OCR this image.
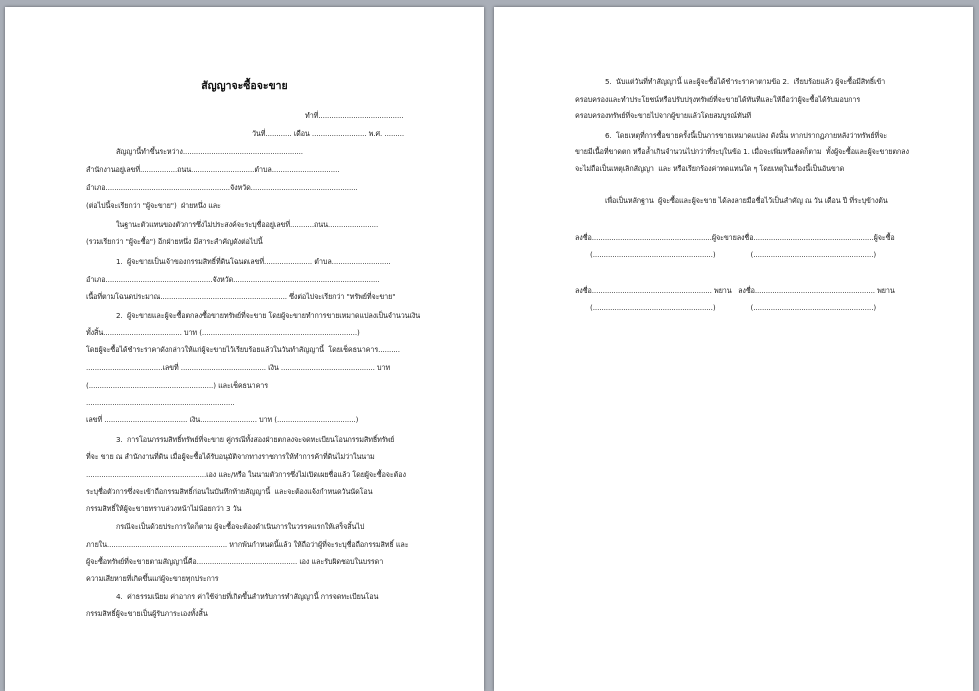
สัญญาจะซื้อจะขาย
ทำที่.......................................
วันที่............ เดือน ......................... พ.ศ. .........
สัญญานี้ทำขึ้นระหว่าง.......................................................
สำนักงานอยู่เลขที่.................ถนน.............................ตำบล...............................
อำเภอ.........................................................จังหวัด.................................................
(ต่อไปนี้จะเรียกว่า "ผู้จะขาย")  ฝ่ายหนึ่ง และ
ในฐานะตัวแทนของตัวการซึ่งไม่ประสงค์จะระบุชื่ออยู่เลขที่...........ถนน.......................
(รวมเรียกว่า "ผู้จะซื้อ") อีกฝ่ายหนึ่ง มีสาระสำคัญดังต่อไปนี้
1.  ผู้จะขายเป็นเจ้าของกรรมสิทธิ์ที่ดินโฉนดเลขที่...................... ตำบล...........................
อำเภอ.................................................จังหวัด...................................................................
เนื้อที่ตามโฉนดประมาณ.......................................................... ซึ่งต่อไปจะเรียกว่า "ทรัพย์ที่จะขาย"
2.  ผู้จะขายและผู้จะซื้อตกลงซื้อขายทรัพย์ที่จะขาย โดยผู้จะขายทำการขายเหมาดแปลงเป็นจำนวนเงิน
ทั้งสิ้น.................................... บาท (.......................................................................)
โดยผู้จะซื้อได้ชำระราคาดังกล่าวให้แก่ผู้จะขายไว้เรียบร้อยแล้วในวันทำสัญญานี้  โดยเช็คธนาคาร..........
...................................เลขที่ ....................................... เงิน ........................................... บาท
(.........................................................) และเช็คธนาคาร
....................................................................
เลขที่ ...................................... เงิน.......................... บาท (....................................)
3.  การโอนกรรมสิทธิ์ทรัพย์ที่จะขาย คู่กรณีทั้งสองฝ่ายตกลงจะจดทะเบียนโอนกรรมสิทธิ์ทรัพย์
ที่จะ ขาย ณ สำนักงานที่ดิน เมื่อผู้จะซื้อได้รับอนุมัติจากทางราชการให้ทำการค้าที่ดินไม่ว่าในนาม
.......................................................เอง และ/หรือ ในนามตัวการซึ่งไม่เปิดเผยชื่อแล้ว โดยผู้จะซื้อจะต้อง
ระบุชื่อตัวการซึ่งจะเข้าถือกรรมสิทธิ์ก่อนในบันทึกท้ายสัญญานี้  และจะต้องแจ้งกำหนดวันนัดโอน
กรรมสิทธิ์ให้ผู้จะขายทราบล่วงหน้าไม่น้อยกว่า 3 วัน
กรณีจะเป็นด้วยประการใดก็ตาม ผู้จะซื้อจะต้องดำเนินการในวรรคแรกให้เสร็จสิ้นไป
ภายใน....................................................... หากพ้นกำหนดนี้แล้ว ให้ถือว่าผู้ที่จะระบุชื่อถือกรรมสิทธิ์ และ
ผู้จะซื้อทรัพย์ที่จะขายตามสัญญานี้คือ.............................................. เอง และรับผิดชอบในบรรดา
ความเสียหายที่เกิดขึ้นแก่ผู้จะขายทุกประการ
4.  ค่าธรรมเนียม ค่าอากร ค่าใช้จ่ายที่เกิดขึ้นสำหรับการทำสัญญานี้ การจดทะเบียนโอน
กรรมสิทธิ์ผู้จะขายเป็นผู้รับภาระเองทั้งสิ้น
5.  นับแต่วันที่ทำสัญญานี้ และผู้จะซื้อได้ชำระราคาตามข้อ 2.  เรียบร้อยแล้ว ผู้จะซื้อมีสิทธิ์เข้า
ครอบครองและทำประโยชน์หรือปรับปรุงทรัพย์ที่จะขายได้ทันทีและให้ถือว่าผู้จะซื้อได้รับมอบการ
ครอบครองทรัพย์ที่จะขายไปจากผู้ขายแล้วโดยสมบูรณ์ทันที
6.  โดยเหตุที่การซื้อขายครั้งนี้เป็นการขายเหมาดแปลง ดังนั้น หากปรากฏภายหลังว่าทรัพย์ที่จะ
ขายมีเนื้อที่ขาดตก หรือล้ำเกินจำนวนไปกว่าที่ระบุในข้อ 1. เมื่อจะเพิ่มหรือลดก็ตาม  ทั้งผู้จะซื้อและผู้จะขายตกลง
จะไม่ถือเป็นเหตุเลิกสัญญา  และ หรือเรียกร้องค่าทดแทนใด ๆ โดยเหตุในเรื่องนี้เป็นอันขาด
เพื่อเป็นหลักฐาน  ผู้จะซื้อและผู้จะขาย ได้ลงลายมือชื่อไว้เป็นสำคัญ ณ วัน เดือน ปี ที่ระบุข้างต้น
ลงชื่อ.......................................................ผู้จะขายลงชื่อ.......................................................ผู้จะซื้อ
(.......................................................)                (.......................................................)
ลงชื่อ....................................................... พยาน   ลงชื่อ....................................................... พยาน
(.......................................................)                (.......................................................)
